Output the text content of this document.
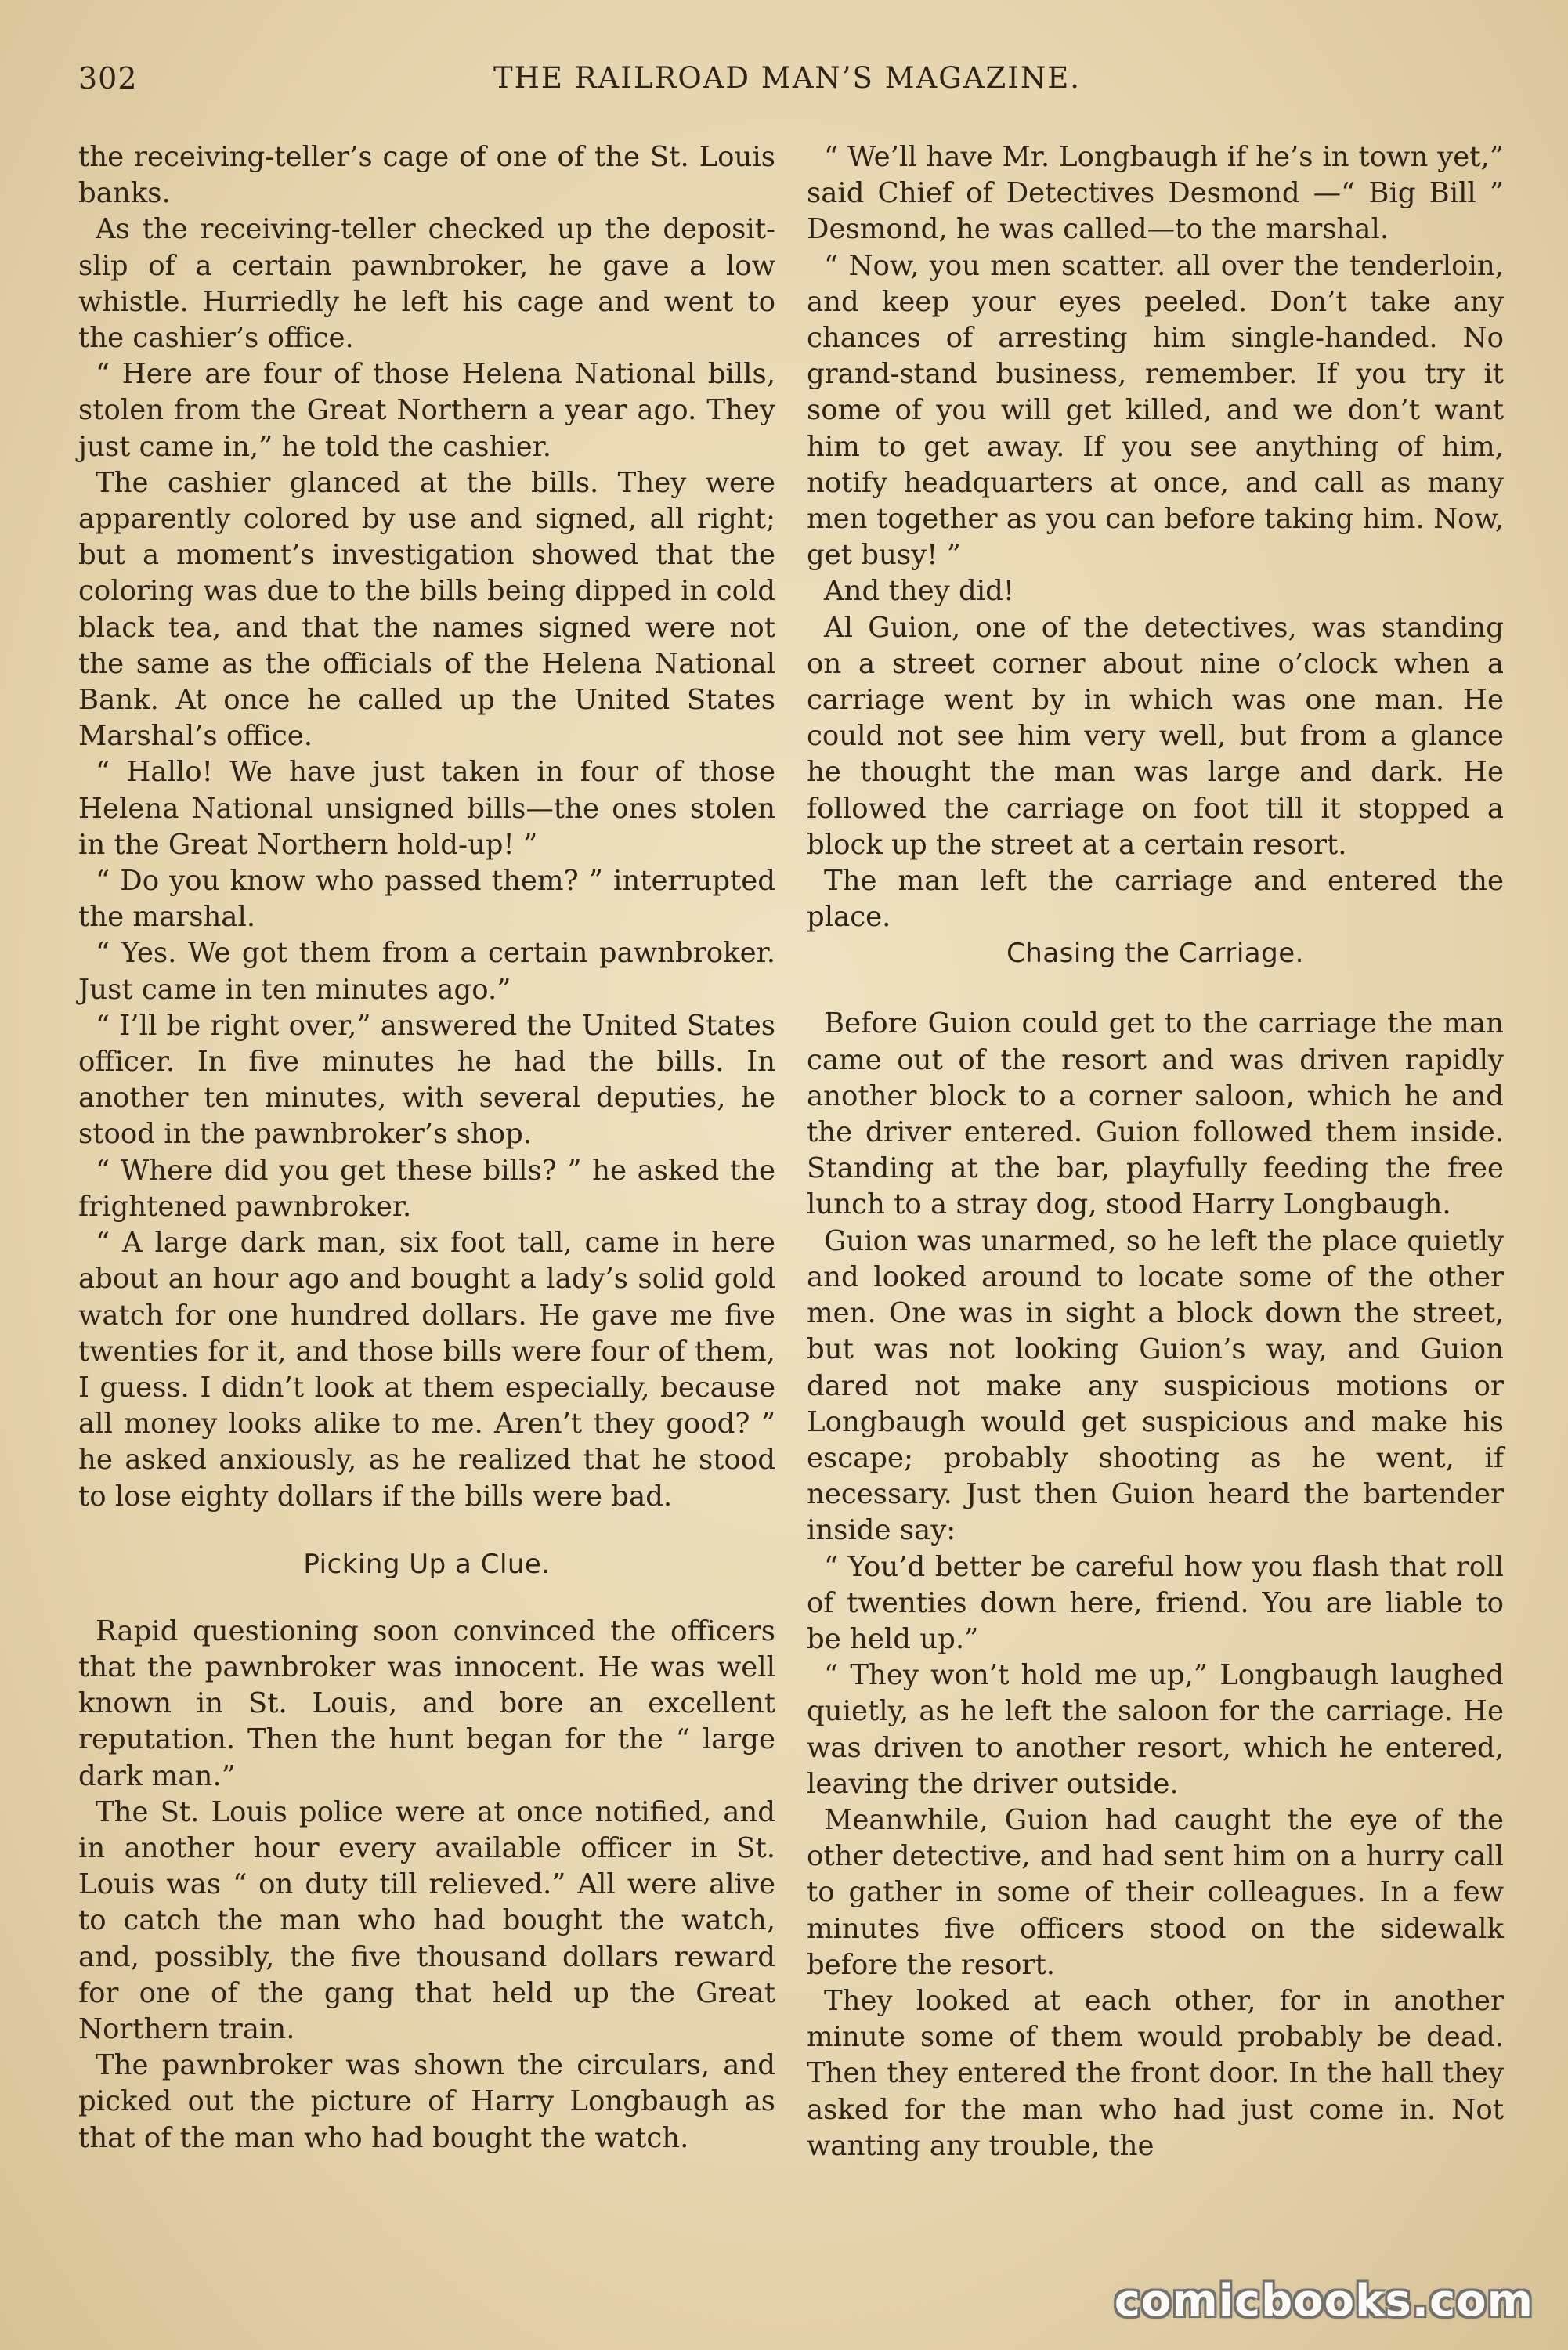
THE RAILROAD MAN’S MAGAZINE.
302

the receiving-teller’s cage of one of the St. Louis banks.

As the receiving-teller checked up the deposit-slip of a certain pawnbroker, he gave a low whistle. Hurriedly he left his cage and went to the cashier’s office.

“ Here are four of those Helena National bills, stolen from the Great Northern a year ago. They just came in,” he told the cashier.

The cashier glanced at the bills. They were apparently colored by use and signed, all right; but a moment’s investigation showed that the coloring was due to the bills being dipped in cold black tea, and that the names signed were not the same as the officials of the Helena National Bank. At once he called up the United States Marshal’s office.

“ Hallo! We have just taken in four of those Helena National unsigned bills—the ones stolen in the Great Northern hold-up! ”

“ Do you know who passed them? ” interrupted the marshal.

“ Yes. We got them from a certain pawnbroker. Just came in ten minutes ago.”

“ I’ll be right over,” answered the United States officer. In five minutes he had the bills. In another ten minutes, with several deputies, he stood in the pawnbroker’s shop.

“ Where did you get these bills? ” he asked the frightened pawnbroker.

“ A large dark man, six foot tall, came in here about an hour ago and bought a lady’s solid gold watch for one hundred dollars. He gave me five twenties for it, and those bills were four of them, I guess. I didn’t look at them especially, because all money looks alike to me. Aren’t they good? ” he asked anxiously, as he realized that he stood to lose eighty dollars if the bills were bad.

Picking Up a Clue.

Rapid questioning soon convinced the officers that the pawnbroker was innocent. He was well known in St. Louis, and bore an excellent reputation. Then the hunt began for the “ large dark man.”

The St. Louis police were at once notified, and in another hour every available officer in St. Louis was “ on duty till relieved.” All were alive to catch the man who had bought the watch, and, possibly, the five thousand dollars reward for one of the gang that held up the Great Northern train.

The pawnbroker was shown the circulars, and picked out the picture of Harry Longbaugh as that of the man who had bought the watch.

“ We’ll have Mr. Longbaugh if he’s in town yet,” said Chief of Detectives Desmond —“ Big Bill ” Desmond, he was called—to the marshal.

“ Now, you men scatter. all over the tenderloin, and keep your eyes peeled. Don’t take any chances of arresting him single-handed. No grand-stand business, remember. If you try it some of you will get killed, and we don’t want him to get away. If you see anything of him, notify headquarters at once, and call as many men together as you can before taking him. Now, get busy! ”

And they did!

Al Guion, one of the detectives, was standing on a street corner about nine o’clock when a carriage went by in which was one man. He could not see him very well, but from a glance he thought the man was large and dark. He followed the carriage on foot till it stopped a block up the street at a certain resort.

The man left the carriage and entered the place.

Chasing the Carriage.

Before Guion could get to the carriage the man came out of the resort and was driven rapidly another block to a corner saloon, which he and the driver entered. Guion followed them inside. Standing at the bar, playfully feeding the free lunch to a stray dog, stood Harry Longbaugh.

Guion was unarmed, so he left the place quietly and looked around to locate some of the other men. One was in sight a block down the street, but was not looking Guion’s way, and Guion dared not make any suspicious motions or Longbaugh would get suspicious and make his escape; probably shooting as he went, if necessary. Just then Guion heard the bartender inside say:

“ You’d better be careful how you flash that roll of twenties down here, friend. You are liable to be held up.”

“ They won’t hold me up,” Longbaugh laughed quietly, as he left the saloon for the carriage. He was driven to another resort, which he entered, leaving the driver outside.

Meanwhile, Guion had caught the eye of the other detective, and had sent him on a hurry call to gather in some of their colleagues. In a few minutes five officers stood on the sidewalk before the resort.

They looked at each other, for in another minute some of them would probably be dead. Then they entered the front door. In the hall they asked for the man who had just come in. Not wanting any trouble, the

comicbooks.com
